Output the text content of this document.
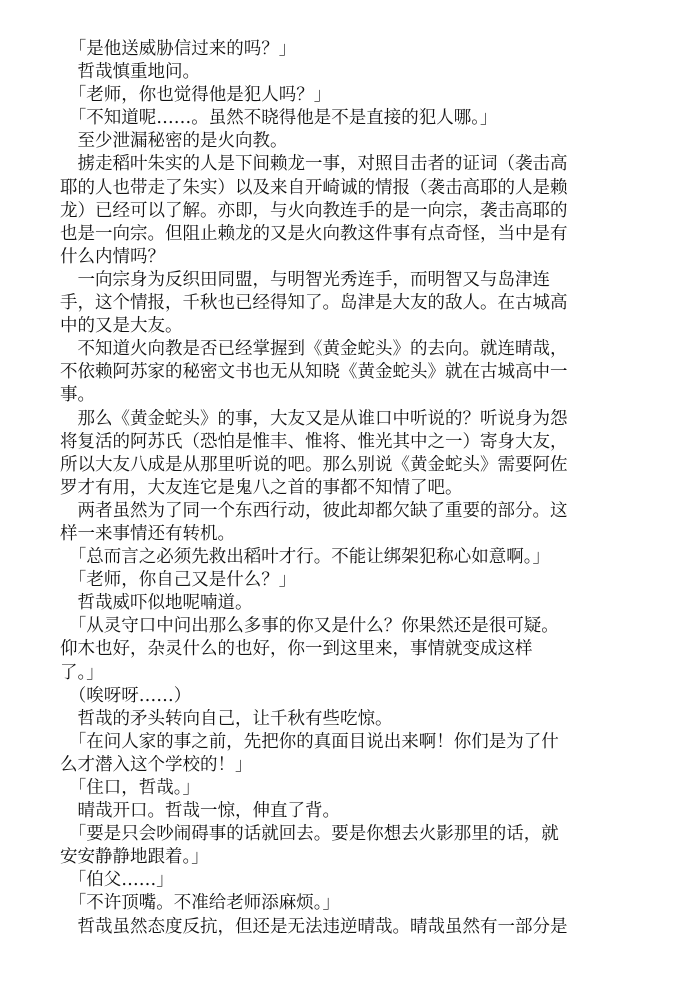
　「是他送威胁信过来的吗？」

　哲哉慎重地问。

　「老师，你也觉得他是犯人吗？」

　「不知道呢……。虽然不晓得他是不是直接的犯人哪。」

　至少泄漏秘密的是火向教。

　掳走稻叶朱实的人是下间赖龙一事，对照目击者的证词（袭击高
耶的人也带走了朱实）以及来自开崎诚的情报（袭击高耶的人是赖
龙）已经可以了解。亦即，与火向教连手的是一向宗，袭击高耶的
也是一向宗。但阻止赖龙的又是火向教这件事有点奇怪，当中是有
什么内情吗？

　一向宗身为反织田同盟，与明智光秀连手，而明智又与岛津连
手，这个情报，千秋也已经得知了。岛津是大友的敌人。在古城高
中的又是大友。

　不知道火向教是否已经掌握到《黄金蛇头》的去向。就连晴哉，
不依赖阿苏家的秘密文书也无从知晓《黄金蛇头》就在古城高中一
事。

　那么《黄金蛇头》的事，大友又是从谁口中听说的？听说身为怨
将复活的阿苏氏（恐怕是惟丰、惟将、惟光其中之一）寄身大友，
所以大友八成是从那里听说的吧。那么别说《黄金蛇头》需要阿佐
罗才有用，大友连它是鬼八之首的事都不知情了吧。

　两者虽然为了同一个东西行动，彼此却都欠缺了重要的部分。这
样一来事情还有转机。

　「总而言之必须先救出稻叶才行。不能让绑架犯称心如意啊。」

　「老师，你自己又是什么？」

　哲哉威吓似地呢喃道。

　「从灵守口中问出那么多事的你又是什么？你果然还是很可疑。
仰木也好，杂灵什么的也好，你一到这里来，事情就变成这样
了。」

　（唉呀呀……）

　哲哉的矛头转向自己，让千秋有些吃惊。

　「在问人家的事之前，先把你的真面目说出来啊！你们是为了什
么才潜入这个学校的！」

　「住口，哲哉。」

　晴哉开口。哲哉一惊，伸直了背。

　「要是只会吵闹碍事的话就回去。要是你想去火影那里的话，就
安安静静地跟着。」

　「伯父……」

　「不许顶嘴。不准给老师添麻烦。」

　哲哉虽然态度反抗，但还是无法违逆晴哉。晴哉虽然有一部分是
